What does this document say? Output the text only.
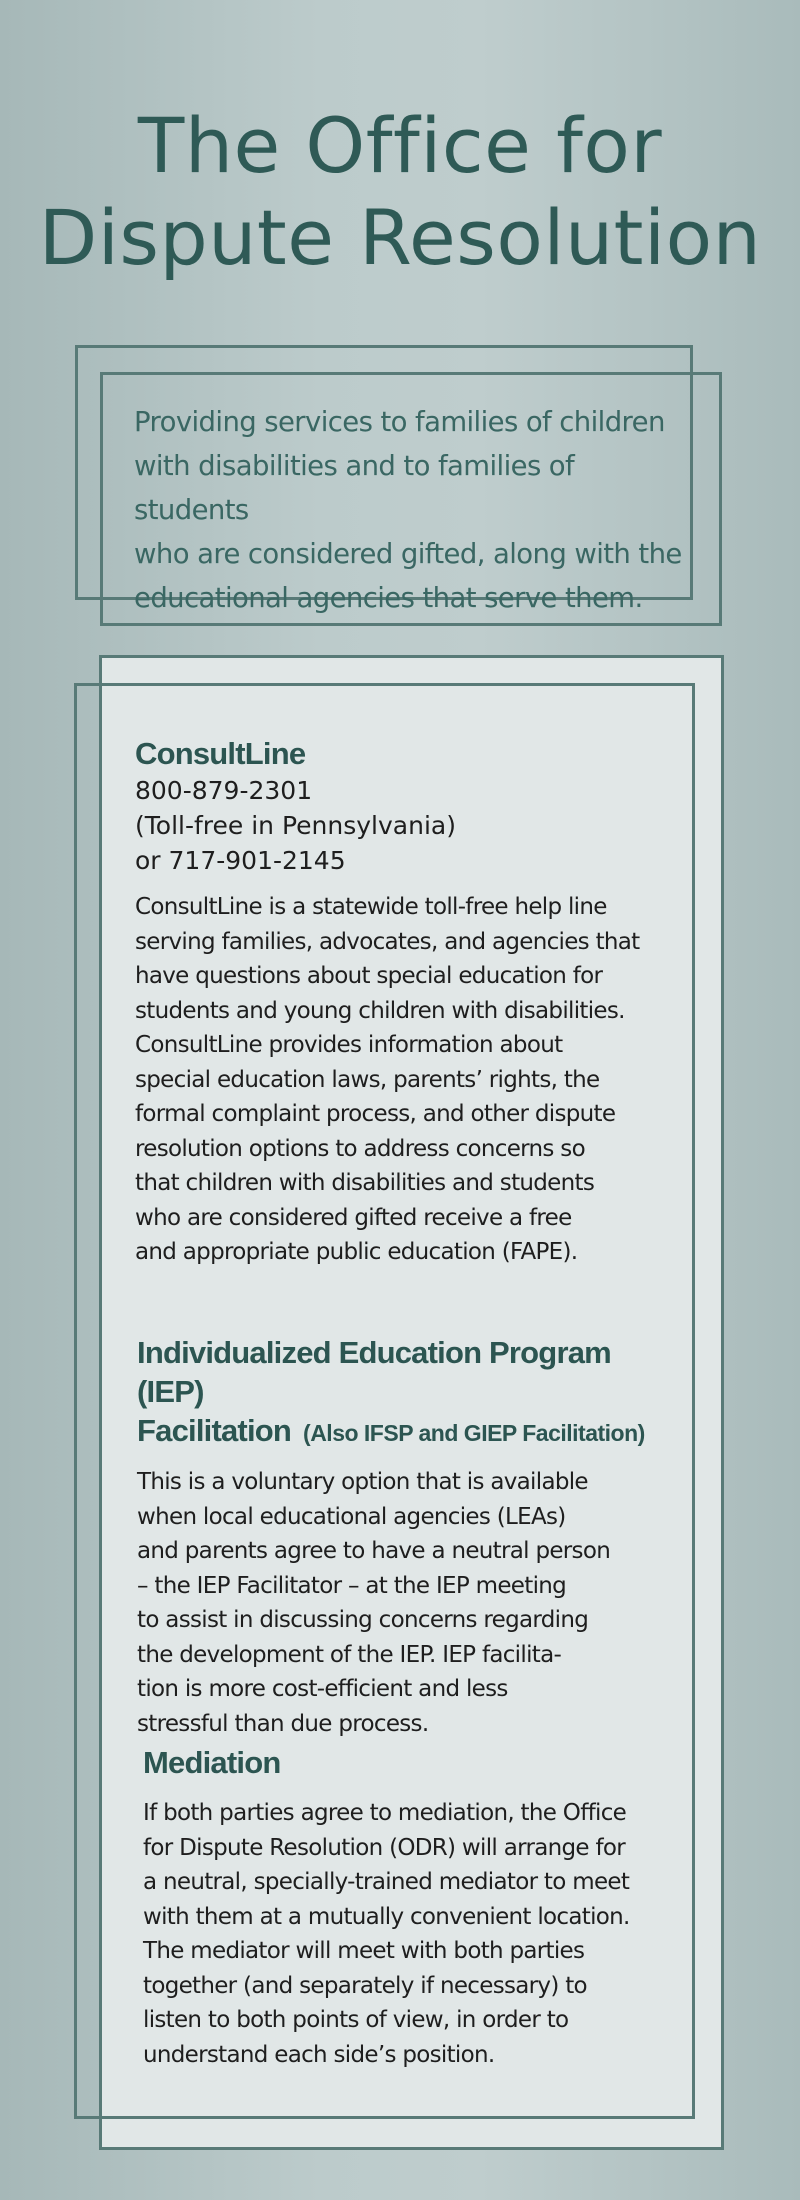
The Office for
Dispute Resolution
Providing services to families of children
with disabilities and to families of students
who are considered gifted, along with the
educational agencies that serve them.
ConsultLine
800-879-2301
(Toll-free in Pennsylvania)
or 717-901-2145
ConsultLine is a statewide toll-free help line
serving families, advocates, and agencies that
have questions about special education for
students and young children with disabilities.
ConsultLine provides information about
special education laws, parents’ rights, the
formal complaint process, and other dispute
resolution options to address concerns so
that children with disabilities and students
who are considered gifted receive a free
and appropriate public education (FAPE).
Individualized Education Program (IEP)
Facilitation (Also IFSP and GIEP Facilitation)
This is a voluntary option that is available
when local educational agencies (LEAs)
and parents agree to have a neutral person
– the IEP Facilitator – at the IEP meeting
to assist in discussing concerns regarding
the development of the IEP. IEP facilita-
tion is more cost-efficient and less
stressful than due process.
Mediation
If both parties agree to mediation, the Office
for Dispute Resolution (ODR) will arrange for
a neutral, specially-trained mediator to meet
with them at a mutually convenient location.
The mediator will meet with both parties
together (and separately if necessary) to
listen to both points of view, in order to
understand each side’s position.
